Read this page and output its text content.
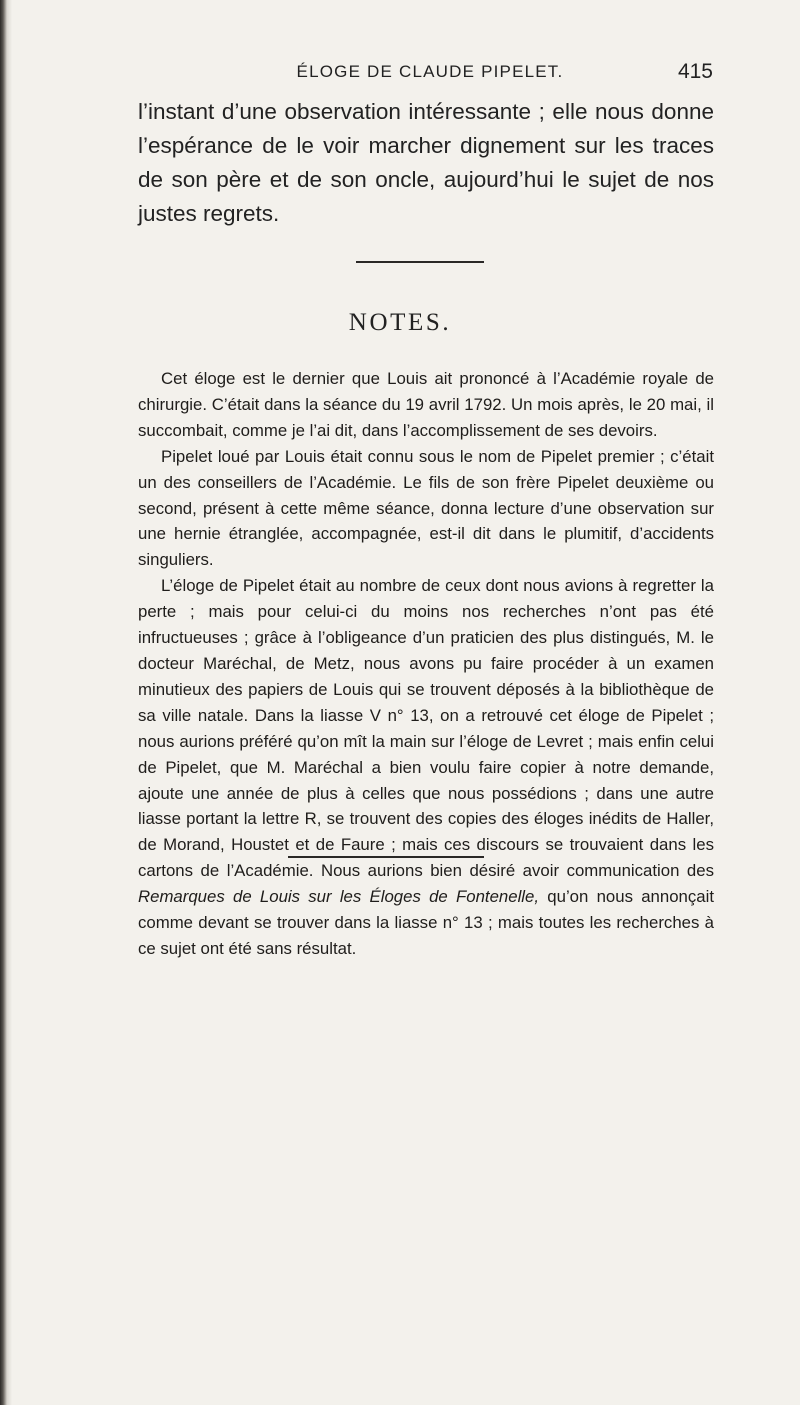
ÉLOGE DE CLAUDE PIPELET.	415

l’instant d’une observation intéressante ; elle nous donne l’espérance de le voir marcher dignement sur les traces de son père et de son oncle, aujourd’hui le sujet de nos justes regrets.

NOTES.

Cet éloge est le dernier que Louis ait prononcé à l’Académie royale de chirurgie. C’était dans la séance du 19 avril 1792. Un mois après, le 20 mai, il succombait, comme je l’ai dit, dans l’accomplissement de ses devoirs.

Pipelet loué par Louis était connu sous le nom de Pipelet premier ; c’était un des conseillers de l’Académie. Le fils de son frère Pipelet deuxième ou second, présent à cette même séance, donna lecture d’une observation sur une hernie étranglée, accompagnée, est-il dit dans le plumitif, d’accidents singuliers.

L’éloge de Pipelet était au nombre de ceux dont nous avions à regretter la perte ; mais pour celui-ci du moins nos recherches n’ont pas été infructueuses ; grâce à l’obligeance d’un praticien des plus distingués, M. le docteur Maréchal, de Metz, nous avons pu faire procéder à un examen minutieux des papiers de Louis qui se trouvent déposés à la bibliothèque de sa ville natale. Dans la liasse V n° 13, on a retrouvé cet éloge de Pipelet ; nous aurions préféré qu’on mît la main sur l’éloge de Levret ; mais enfin celui de Pipelet, que M. Maréchal a bien voulu faire copier à notre demande, ajoute une année de plus à celles que nous possédions ; dans une autre liasse portant la lettre R, se trouvent des copies des éloges inédits de Haller, de Morand, Houstet et de Faure ; mais ces discours se trouvaient dans les cartons de l’Académie. Nous aurions bien désiré avoir communication des Remarques de Louis sur les Éloges de Fontenelle, qu’on nous annonçait comme devant se trouver dans la liasse n° 13 ; mais toutes les recherches à ce sujet ont été sans résultat.
